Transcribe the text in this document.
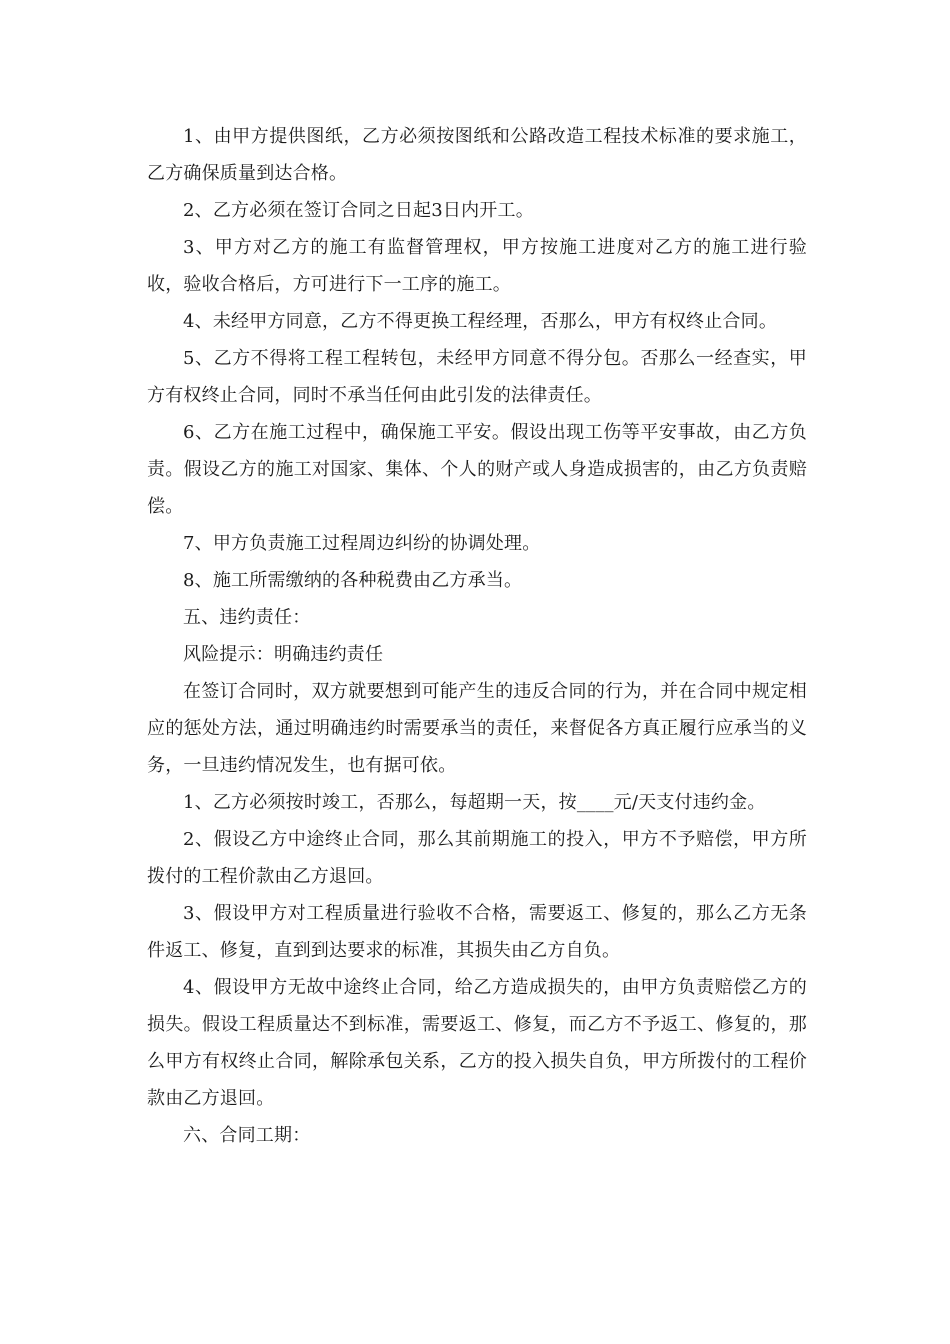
1、由甲方提供图纸，乙方必须按图纸和公路改造工程技术标准的要求施工，乙方确保质量到达合格。

2、乙方必须在签订合同之日起3日内开工。

3、甲方对乙方的施工有监督管理权，甲方按施工进度对乙方的施工进行验收，验收合格后，方可进行下一工序的施工。

4、未经甲方同意，乙方不得更换工程经理，否那么，甲方有权终止合同。

5、乙方不得将工程工程转包，未经甲方同意不得分包。否那么一经查实，甲方有权终止合同，同时不承当任何由此引发的法律责任。

6、乙方在施工过程中，确保施工平安。假设出现工伤等平安事故，由乙方负责。假设乙方的施工对国家、集体、个人的财产或人身造成损害的，由乙方负责赔偿。

7、甲方负责施工过程周边纠纷的协调处理。

8、施工所需缴纳的各种税费由乙方承当。

五、违约责任：

风险提示：明确违约责任

在签订合同时，双方就要想到可能产生的违反合同的行为，并在合同中规定相应的惩处方法，通过明确违约时需要承当的责任，来督促各方真正履行应承当的义务，一旦违约情况发生，也有据可依。

1、乙方必须按时竣工，否那么，每超期一天，按____元/天支付违约金。

2、假设乙方中途终止合同，那么其前期施工的投入，甲方不予赔偿，甲方所拨付的工程价款由乙方退回。

3、假设甲方对工程质量进行验收不合格，需要返工、修复的，那么乙方无条件返工、修复，直到到达要求的标准，其损失由乙方自负。

4、假设甲方无故中途终止合同，给乙方造成损失的，由甲方负责赔偿乙方的损失。假设工程质量达不到标准，需要返工、修复，而乙方不予返工、修复的，那么甲方有权终止合同，解除承包关系，乙方的投入损失自负，甲方所拨付的工程价款由乙方退回。

六、合同工期：
